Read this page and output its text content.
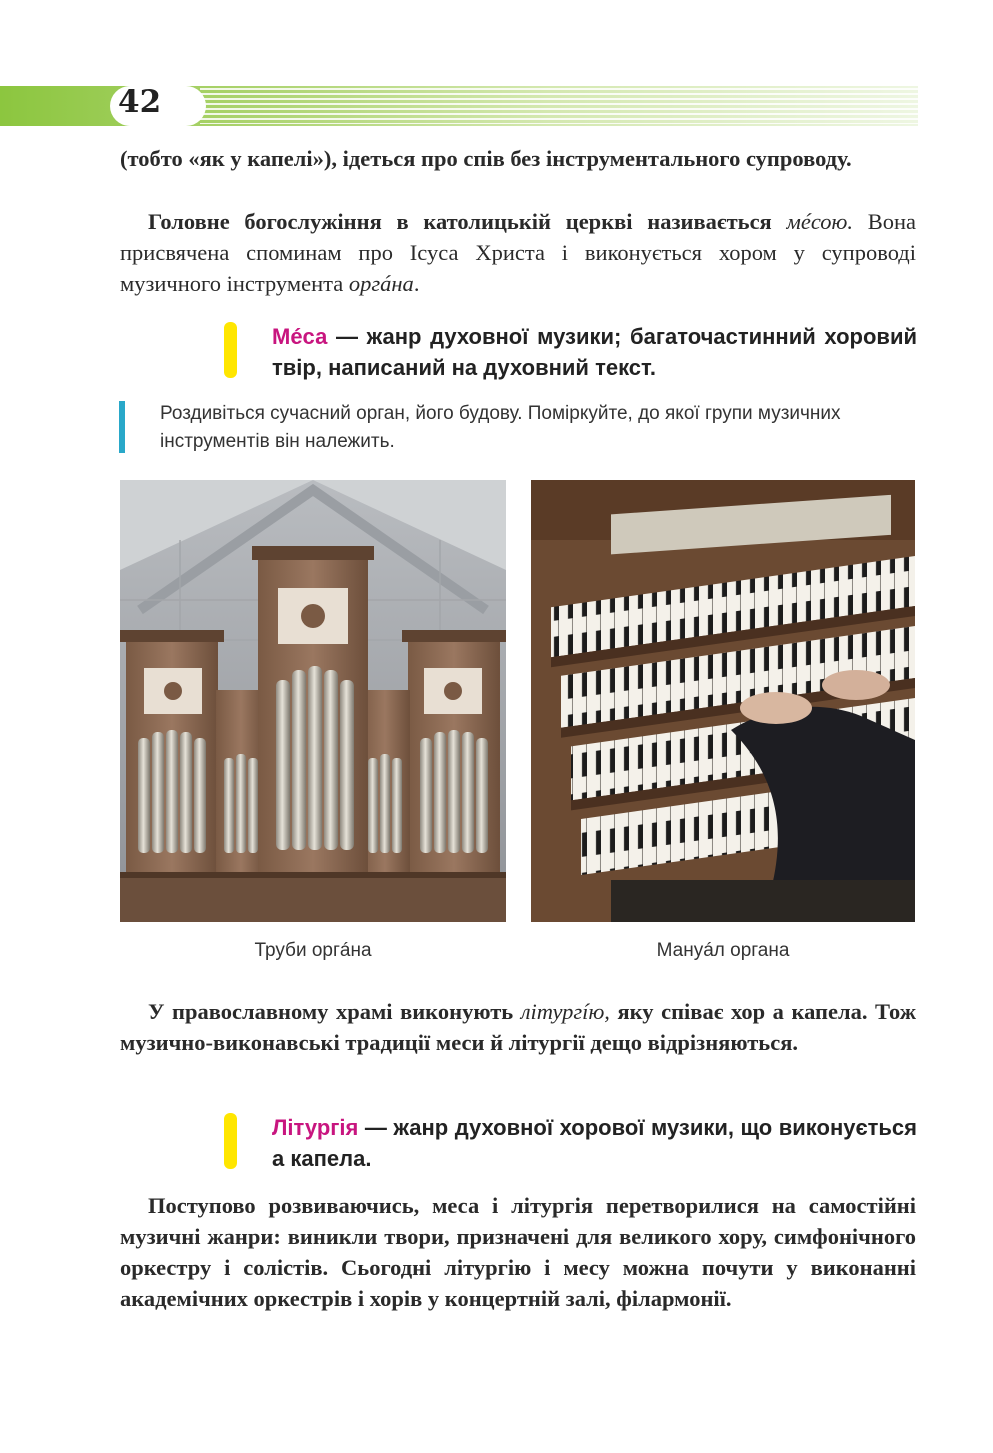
42

(тобто «як у капелі»), ідеться про спів без інструментального супроводу.

Головне богослужіння в католицькій церкві називається мéсою. Вона присвячена споминам про Ісуса Христа і виконується хором у супроводі музичного інструмента оргáна.

Мéса — жанр духовної музики; багаточастинний хоровий твір, написаний на духовний текст.

Роздивіться сучасний орган, його будову. Поміркуйте, до якої групи музичних інструментів він належить.

Труби оргáна	Мануáл органа

У православному храмі виконують літургíю, яку співає хор а капела. Тож музично-виконавські традиції меси й літургії дещо відрізняються.

Літургія — жанр духовної хорової музики, що виконується а капела.

Поступово розвиваючись, меса і літургія перетворилися на самостійні музичні жанри: виникли твори, призначені для великого хору, симфонічного оркестру і солістів. Сьогодні літургію і месу можна почути у виконанні академічних оркестрів і хорів у концертній залі, філармонії.
